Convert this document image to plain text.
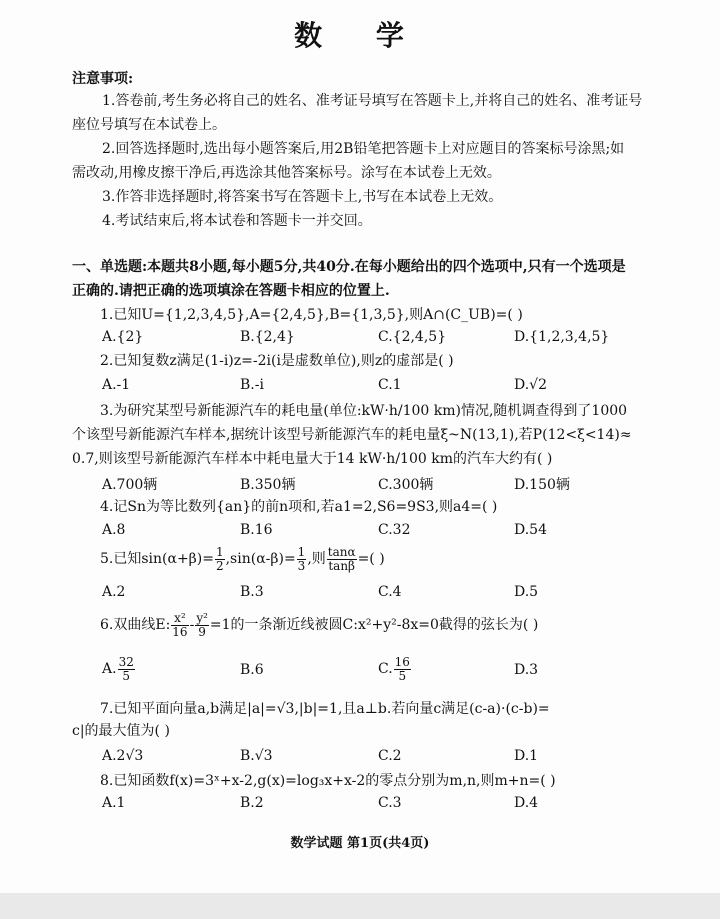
数 学
注意事项:
1.答卷前,考生务必将自己的姓名、准考证号填写在答题卡上,并将自己的姓名、准考证号
座位号填写在本试卷上。
2.回答选择题时,选出每小题答案后,用2B铅笔把答题卡上对应题目的答案标号涂黑;如
需改动,用橡皮擦干净后,再选涂其他答案标号。涂写在本试卷上无效。
3.作答非选择题时,将答案书写在答题卡上,书写在本试卷上无效。
4.考试结束后,将本试卷和答题卡一并交回。
一、单选题:本题共8小题,每小题5分,共40分.在每小题给出的四个选项中,只有一个选项是
正确的.请把正确的选项填涂在答题卡相应的位置上.
1.已知U={1,2,3,4,5},A={2,4,5},B={1,3,5},则A∩(C_UB)=( )
A.{2}	B.{2,4}	C.{2,4,5}	D.{1,2,3,4,5}
2.已知复数z满足(1-i)z=-2i(i是虚数单位),则z的虚部是( )
A.-1	B.-i	C.1	D.√2
3.为研究某型号新能源汽车的耗电量(单位:kW·h/100 km)情况,随机调查得到了1000
个该型号新能源汽车样本,据统计该型号新能源汽车的耗电量ξ~N(13,1),若P(12<ξ<14)≈
0.7,则该型号新能源汽车样本中耗电量大于14 kW·h/100 km的汽车大约有( )
A.700辆	B.350辆	C.300辆	D.150辆
4.记Sn为等比数列{an}的前n项和,若a1=2,S6=9S3,则a4=( )
A.8	B.16	C.32	D.54
5.已知$\sin(\alpha+\beta)= \frac{1}{2} ,\sin(\alpha-\beta)= \frac{1}{3}$ ,则 $\frac{\tan\alpha}{\tan\beta}$ =( )
A.2	B.3	C.4	D.5
6.双曲线E: $\frac{\text{x²}}{16} - \frac{\text{y²}}{9} =1$的一条渐近线被圆C:x²+y²-8x=0截得的弦长为( )
A. $\frac{32}{5}$	B.6	C. $\frac{16}{5}$	D.3
7.已知平面向量a,b满足|a|=√3,|b|=1,且a⊥b.若向量c满足(c-a)·(c-b)=
c|的最大值为( )
A.2√3	B.√3	C.2	D.1
8.已知函数f(x)=3ˣ+x-2,g(x)=log₃x+x-2的零点分别为m,n,则m+n=( )
A.1	B.2	C.3	D.4
数学试题 第1页(共4页)
